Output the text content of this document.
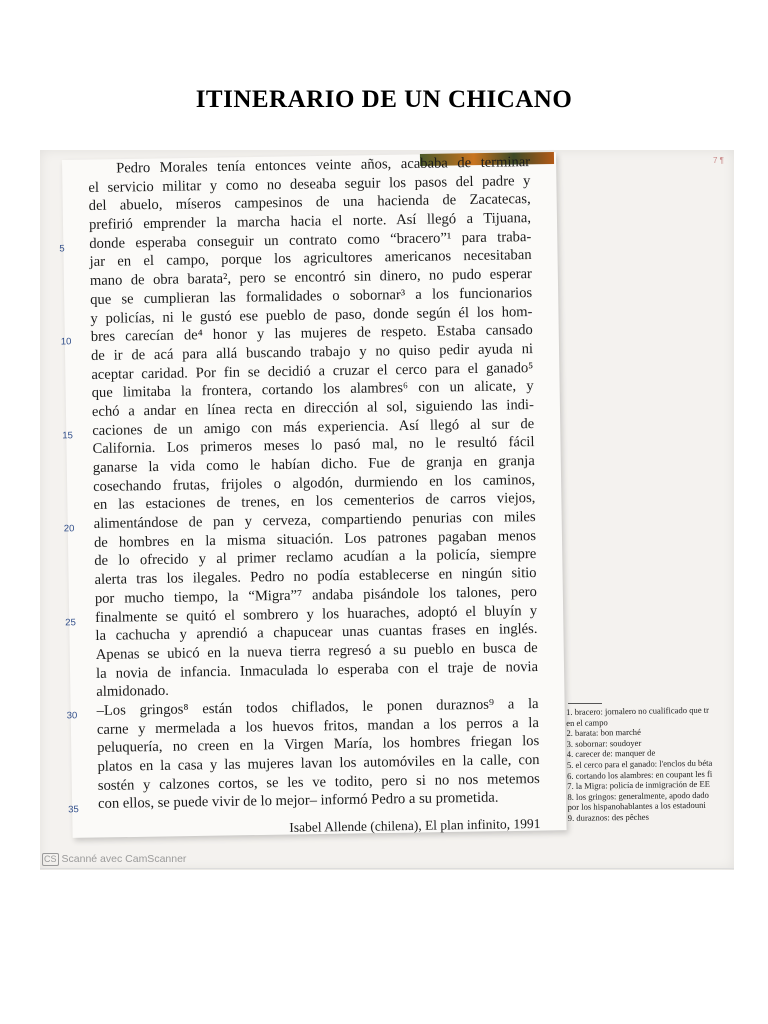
ITINERARIO DE UN CHICANO
7 ¶
Pedro Morales tenía entonces veinte años, acababa de terminar
el servicio militar y como no deseaba seguir los pasos del padre y
del abuelo, míseros campesinos de una hacienda de Zacatecas,
prefirió emprender la marcha hacia el norte. Así llegó a Tijuana,
donde esperaba conseguir un contrato como “bracero”¹ para traba-
jar en el campo, porque los agricultores americanos necesitaban
mano de obra barata², pero se encontró sin dinero, no pudo esperar
que se cumplieran las formalidades o sobornar³ a los funcionarios
y policías, ni le gustó ese pueblo de paso, donde según él los hom-
bres carecían de⁴ honor y las mujeres de respeto. Estaba cansado
de ir de acá para allá buscando trabajo y no quiso pedir ayuda ni
aceptar caridad. Por fin se decidió a cruzar el cerco para el ganado⁵
que limitaba la frontera, cortando los alambres⁶ con un alicate, y
echó a andar en línea recta en dirección al sol, siguiendo las indi-
caciones de un amigo con más experiencia. Así llegó al sur de
California. Los primeros meses lo pasó mal, no le resultó fácil
ganarse la vida como le habían dicho. Fue de granja en granja
cosechando frutas, frijoles o algodón, durmiendo en los caminos,
en las estaciones de trenes, en los cementerios de carros viejos,
alimentándose de pan y cerveza, compartiendo penurias con miles
de hombres en la misma situación. Los patrones pagaban menos
de lo ofrecido y al primer reclamo acudían a la policía, siempre
alerta tras los ilegales. Pedro no podía establecerse en ningún sitio
por mucho tiempo, la “Migra”⁷ andaba pisándole los talones, pero
finalmente se quitó el sombrero y los huaraches, adoptó el bluyín y
la cachucha y aprendió a chapucear unas cuantas frases en inglés.
Apenas se ubicó en la nueva tierra regresó a su pueblo en busca de
la novia de infancia. Inmaculada lo esperaba con el traje de novia
almidonado.
–Los gringos⁸ están todos chiflados, le ponen duraznos⁹ a la
carne y mermelada a los huevos fritos, mandan a los perros a la
peluquería, no creen en la Virgen María, los hombres friegan los
platos en la casa y las mujeres lavan los automóviles en la calle, con
sostén y calzones cortos, se les ve todito, pero si no nos metemos
con ellos, se puede vivir de lo mejor– informó Pedro a su prometida.
Isabel Allende (chilena), El plan infinito, 1991
5
10
15
20
25
30
35
1. bracero: jornalero no cualificado que tr
en el campo
2. barata: bon marché
3. sobornar: soudoyer
4. carecer de: manquer de
5. el cerco para el ganado: l'enclos du béta
6. cortando los alambres: en coupant les fi
7. la Migra: policía de inmigración de EE
8. los gringos: generalmente, apodo dado
por los hispanohablantes a los estadouni
9. duraznos: des pêches
CS Scanné avec CamScanner
